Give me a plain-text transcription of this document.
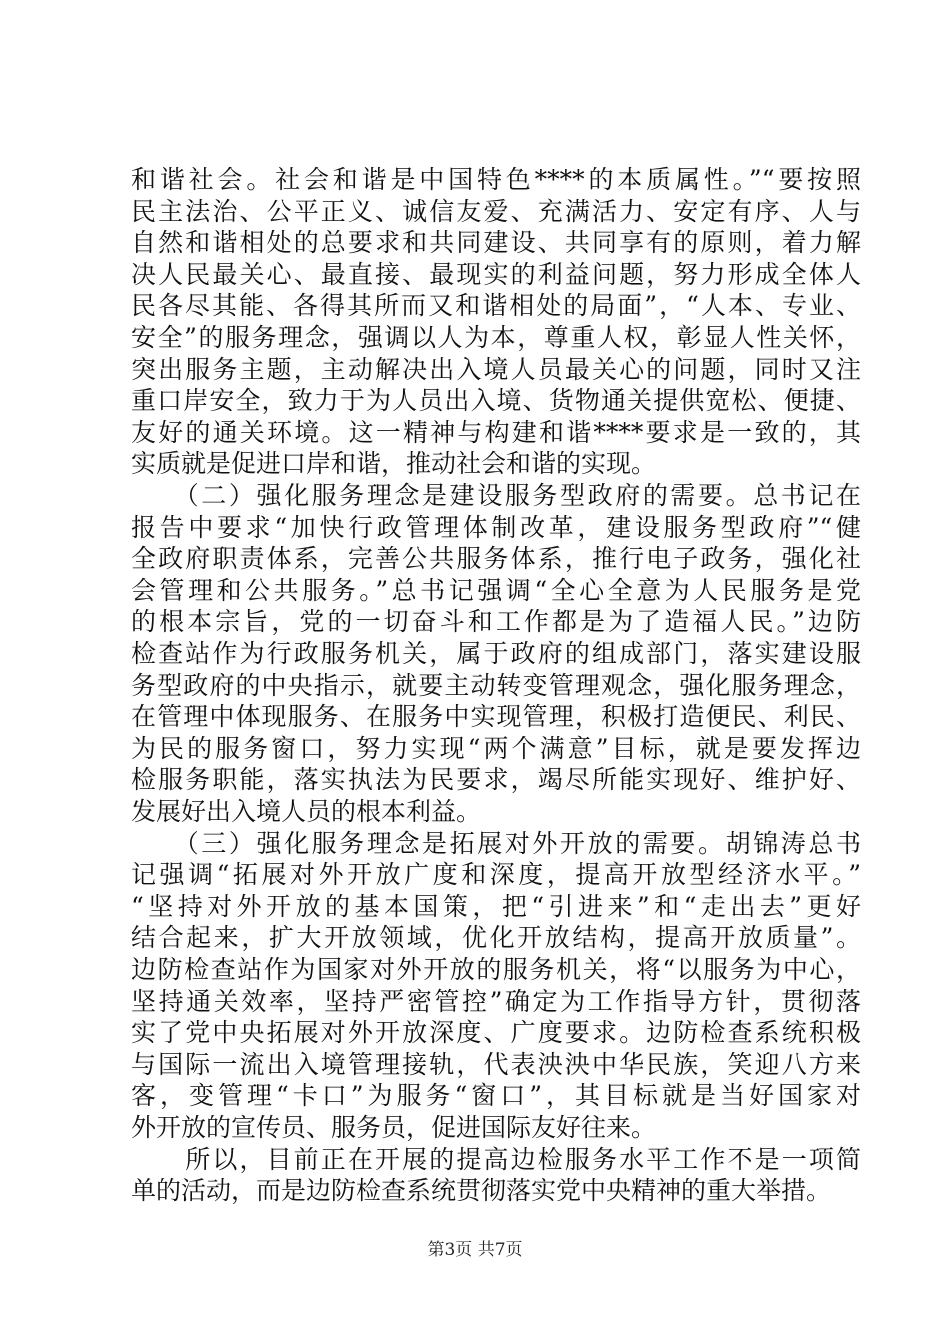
和谐社会。社会和谐是中国特色****的本质属性。”“要按照
民主法治、公平正义、诚信友爱、充满活力、安定有序、人与
自然和谐相处的总要求和共同建设、共同享有的原则，着力解
决人民最关心、最直接、最现实的利益问题，努力形成全体人
民各尽其能、各得其所而又和谐相处的局面”，“人本、专业、
安全”的服务理念，强调以人为本，尊重人权，彰显人性关怀，
突出服务主题，主动解决出入境人员最关心的问题，同时又注
重口岸安全，致力于为人员出入境、货物通关提供宽松、便捷、
友好的通关环境。这一精神与构建和谐****要求是一致的，其
实质就是促进口岸和谐，推动社会和谐的实现。
　　（二）强化服务理念是建设服务型政府的需要。总书记在
报告中要求“加快行政管理体制改革，建设服务型政府”“健
全政府职责体系，完善公共服务体系，推行电子政务，强化社
会管理和公共服务。”总书记强调“全心全意为人民服务是党
的根本宗旨，党的一切奋斗和工作都是为了造福人民。”边防
检查站作为行政服务机关，属于政府的组成部门，落实建设服
务型政府的中央指示，就要主动转变管理观念，强化服务理念，
在管理中体现服务、在服务中实现管理，积极打造便民、利民、
为民的服务窗口，努力实现“两个满意”目标，就是要发挥边
检服务职能，落实执法为民要求，竭尽所能实现好、维护好、
发展好出入境人员的根本利益。
　　（三）强化服务理念是拓展对外开放的需要。胡锦涛总书
记强调“拓展对外开放广度和深度，提高开放型经济水平。”
“坚持对外开放的基本国策，把“引进来”和“走出去”更好
结合起来，扩大开放领域，优化开放结构，提高开放质量”。
边防检查站作为国家对外开放的服务机关，将“以服务为中心，
坚持通关效率，坚持严密管控”确定为工作指导方针，贯彻落
实了党中央拓展对外开放深度、广度要求。边防检查系统积极
与国际一流出入境管理接轨，代表泱泱中华民族，笑迎八方来
客，变管理“卡口”为服务“窗口”，其目标就是当好国家对
外开放的宣传员、服务员，促进国际友好往来。
　　所以，目前正在开展的提高边检服务水平工作不是一项简
单的活动，而是边防检查系统贯彻落实党中央精神的重大举措。
第3页 共7页
